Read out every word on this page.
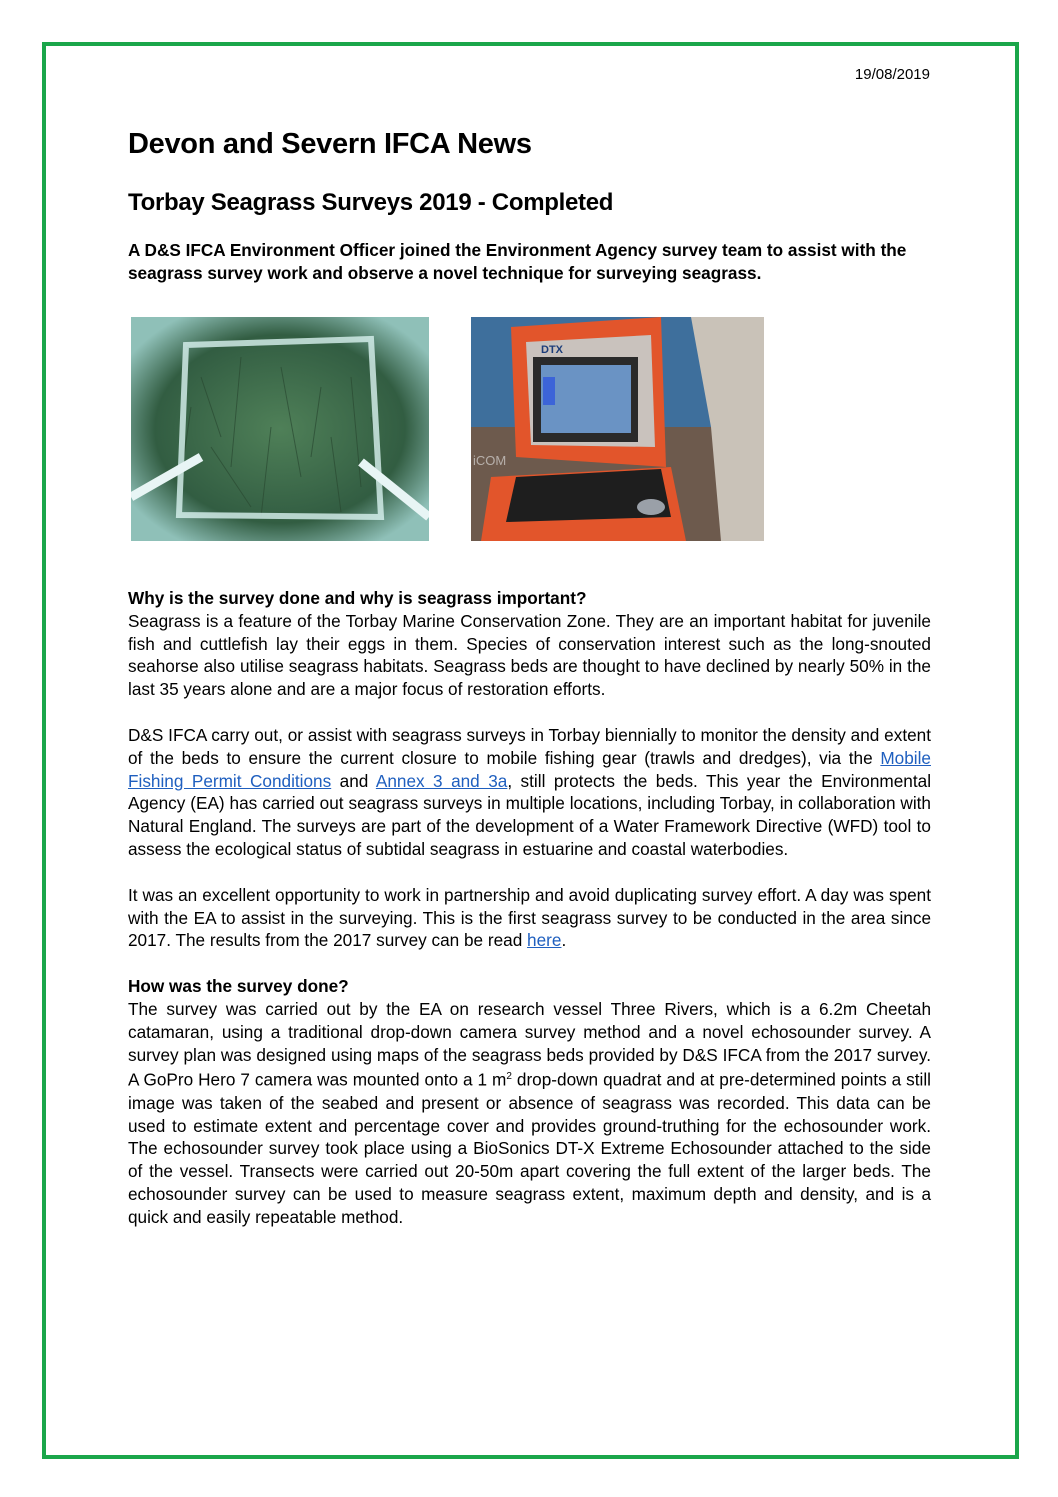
19/08/2019
Devon and Severn IFCA News
Torbay Seagrass Surveys 2019 - Completed

A D&S IFCA Environment Officer joined the Environment Agency survey team to assist with the seagrass survey work and observe a novel technique for surveying seagrass.

DTX
iCOM

Why is the survey done and why is seagrass important?
Seagrass is a feature of the Torbay Marine Conservation Zone. They are an important habitat for juvenile fish and cuttlefish lay their eggs in them. Species of conservation interest such as the long-snouted seahorse also utilise seagrass habitats. Seagrass beds are thought to have declined by nearly 50% in the last 35 years alone and are a major focus of restoration efforts.

D&S IFCA carry out, or assist with seagrass surveys in Torbay biennially to monitor the density and extent of the beds to ensure the current closure to mobile fishing gear (trawls and dredges), via the Mobile Fishing Permit Conditions and Annex 3 and 3a, still protects the beds. This year the Environmental Agency (EA) has carried out seagrass surveys in multiple locations, including Torbay, in collaboration with Natural England. The surveys are part of the development of a Water Framework Directive (WFD) tool to assess the ecological status of subtidal seagrass in estuarine and coastal waterbodies.

It was an excellent opportunity to work in partnership and avoid duplicating survey effort. A day was spent with the EA to assist in the surveying. This is the first seagrass survey to be conducted in the area since 2017. The results from the 2017 survey can be read here.

How was the survey done?
The survey was carried out by the EA on research vessel Three Rivers, which is a 6.2m Cheetah catamaran, using a traditional drop-down camera survey method and a novel echosounder survey. A survey plan was designed using maps of the seagrass beds provided by D&S IFCA from the 2017 survey. A GoPro Hero 7 camera was mounted onto a 1 $m^2$ drop-down quadrat and at pre-determined points a still image was taken of the seabed and present or absence of seagrass was recorded. This data can be used to estimate extent and percentage cover and provides ground-truthing for the echosounder work. The echosounder survey took place using a BioSonics DT-X Extreme Echosounder attached to the side of the vessel. Transects were carried out 20-50m apart covering the full extent of the larger beds. The echosounder survey can be used to measure seagrass extent, maximum depth and density, and is a quick and easily repeatable method.
